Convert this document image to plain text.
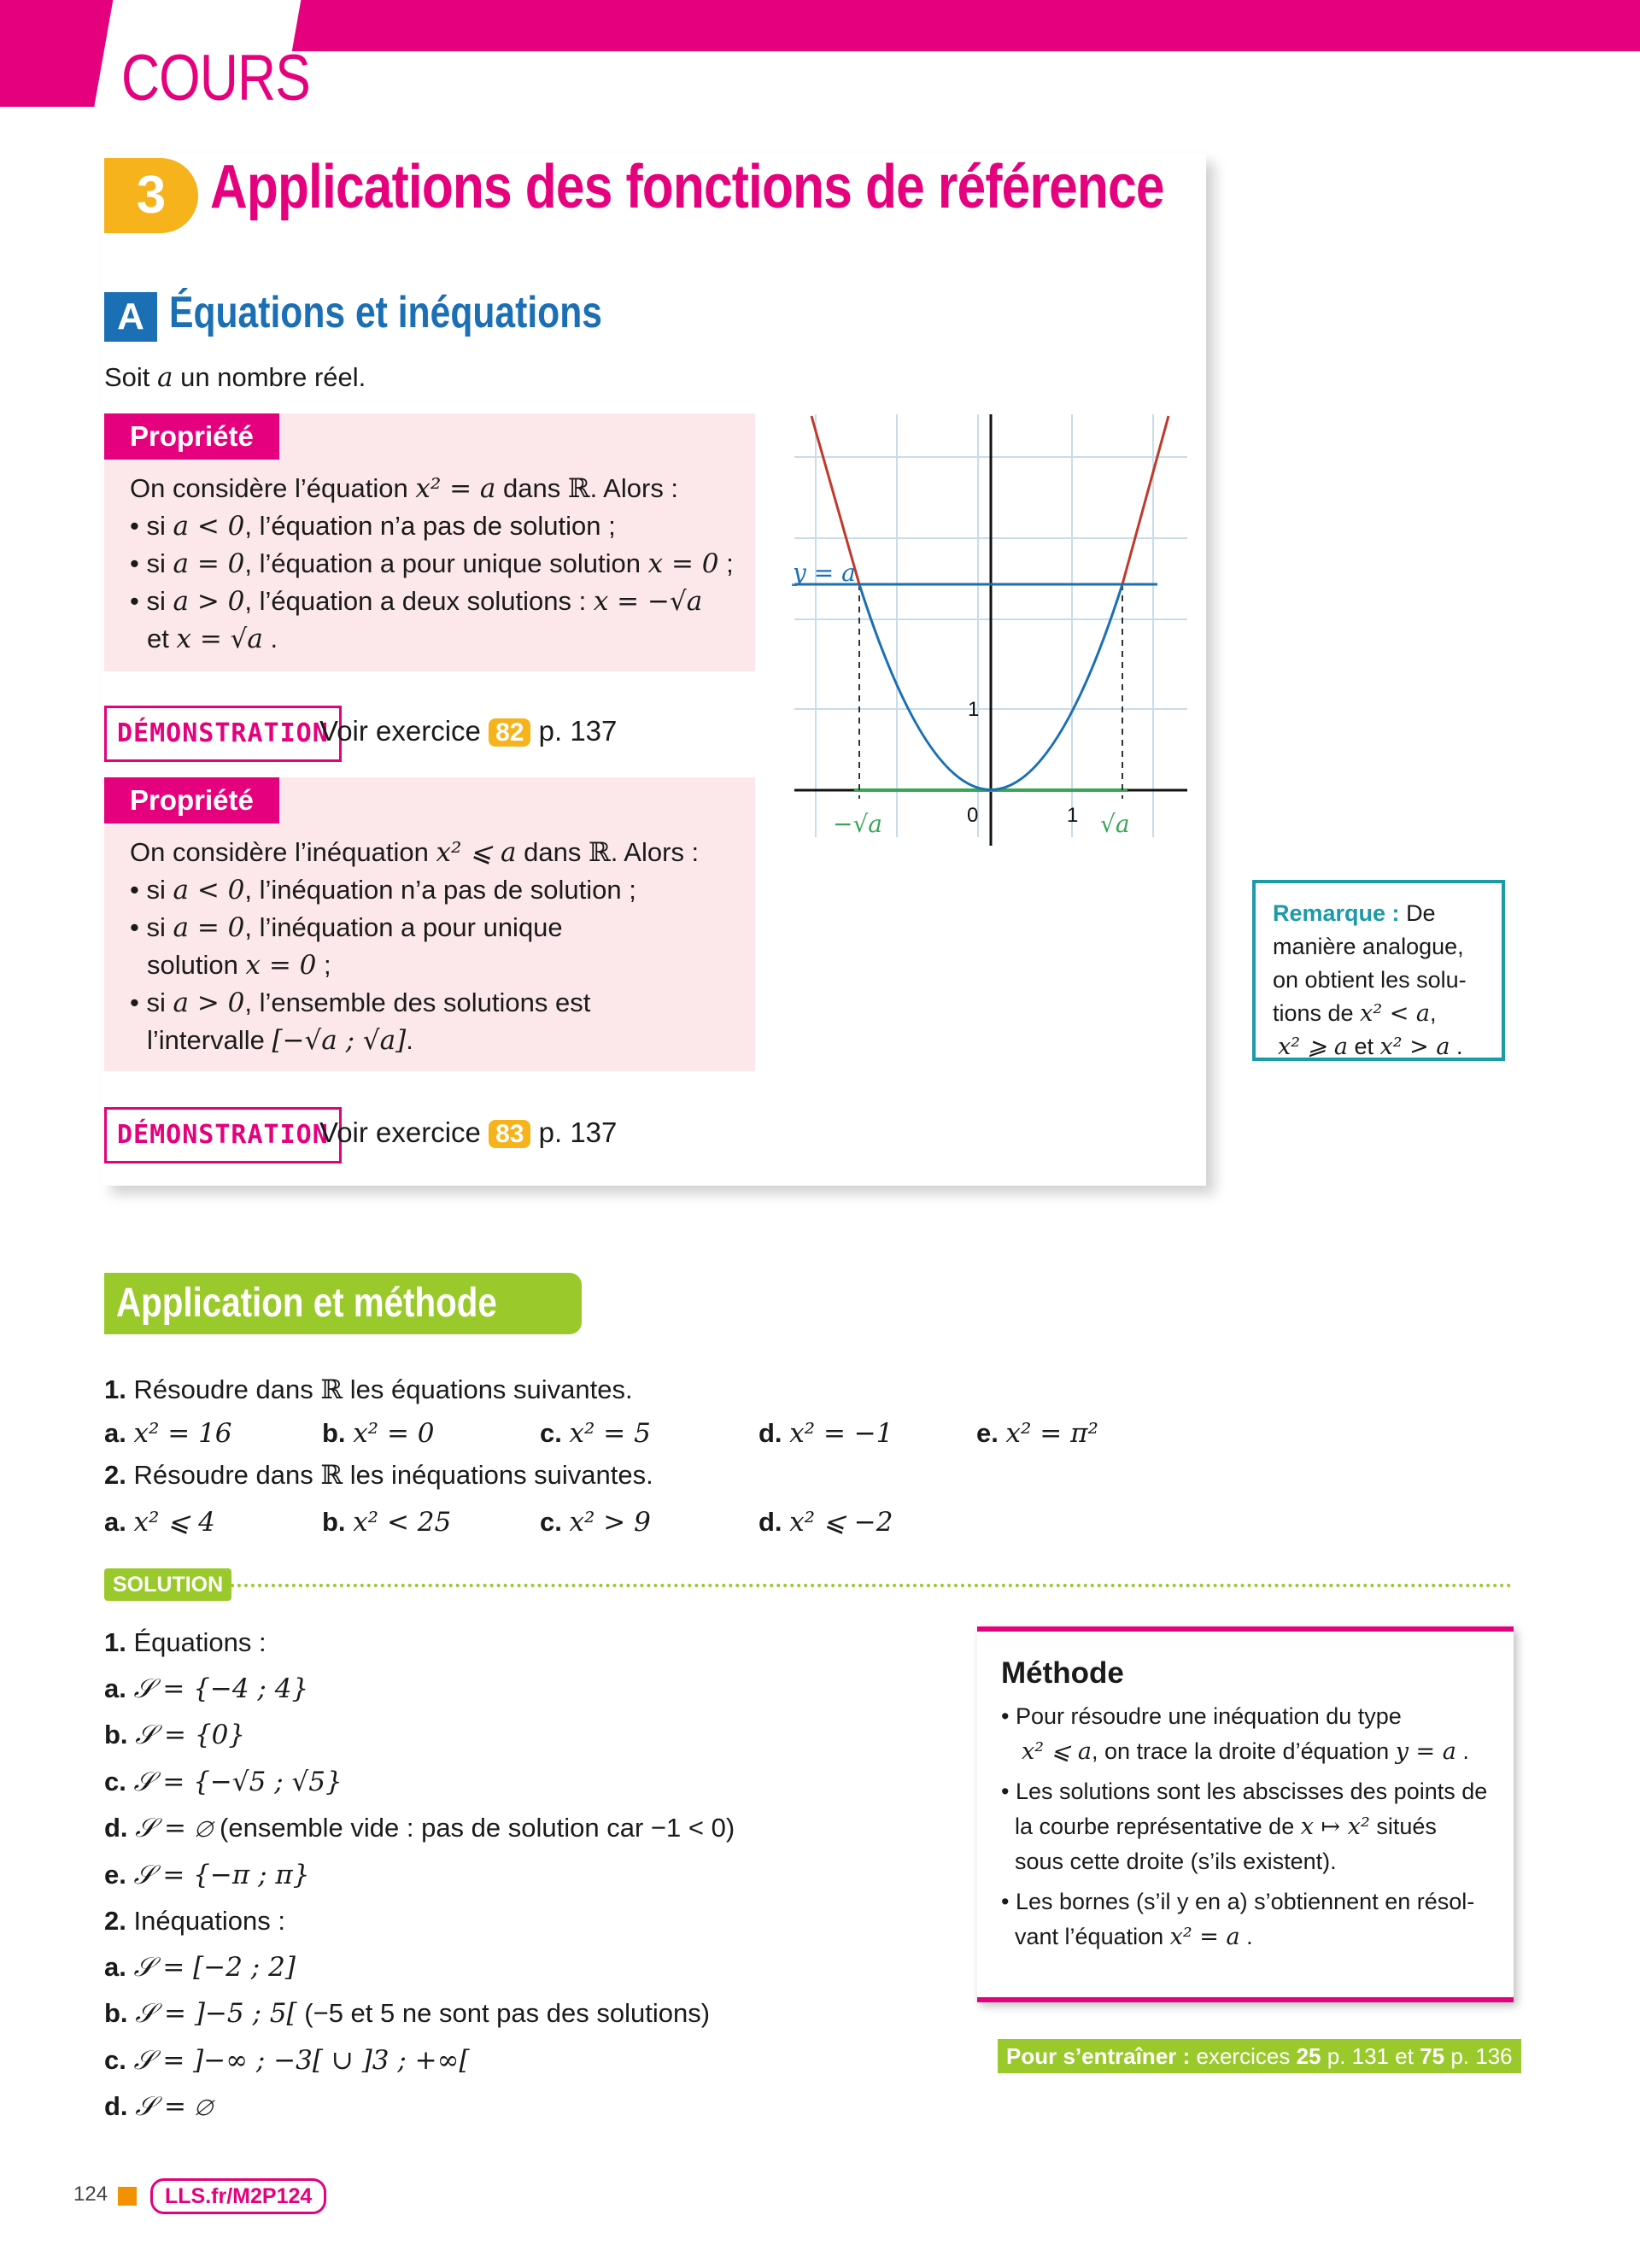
COURS
3 Applications des fonctions de référence
A Équations et inéquations
Soit a un nombre réel.
Propriété
On considère l’équation x² = a dans ℝ. Alors :
• si a < 0, l’équation n’a pas de solution ;
• si a = 0, l’équation a pour unique solution x = 0 ;
• si a > 0, l’équation a deux solutions : x = −√a
et x = √a .
DÉMONSTRATION
Voir exercice 82 p. 137
Propriété
On considère l’inéquation x² ⩽ a dans ℝ. Alors :
• si a < 0, l’inéquation n’a pas de solution ;
• si a = 0, l’inéquation a pour unique
solution x = 0 ;
• si a > 0, l’ensemble des solutions est
l’intervalle [−√a ; √a].
DÉMONSTRATION
Voir exercice 83 p. 137
y = a
−√a	√a
0	1
1
Remarque : De
manière analogue,
on obtient les solu-
tions de x² < a,
x² ⩾ a et x² > a .
Application et méthode
1. Résoudre dans ℝ les équations suivantes.
a. x² = 16	b. x² = 0	c. x² = 5	d. x² = −1	e. x² = π²
2. Résoudre dans ℝ les inéquations suivantes.
a. x² ⩽ 4	b. x² < 25	c. x² > 9	d. x² ⩽ −2
SOLUTION
1. Équations :
a. 𝒮 = {−4 ; 4}
b. 𝒮 = {0}
c. 𝒮 = {−√5 ; √5}
d. 𝒮 = ∅ (ensemble vide : pas de solution car −1 < 0)
e. 𝒮 = {−π ; π}
2. Inéquations :
a. 𝒮 = [−2 ; 2]
b. 𝒮 = ]−5 ; 5[ (−5 et 5 ne sont pas des solutions)
c. 𝒮 = ]−∞ ; −3[ ∪ ]3 ; +∞[
d. 𝒮 = ∅
Méthode
• Pour résoudre une inéquation du type
x² ⩽ a, on trace la droite d’équation y = a .
• Les solutions sont les abscisses des points de
la courbe représentative de x ↦ x² situés
sous cette droite (s’ils existent).
• Les bornes (s’il y en a) s’obtiennent en résol-
vant l’équation x² = a .
Pour s’entraîner : exercices 25 p. 131 et 75 p. 136
124	LLS.fr/M2P124
